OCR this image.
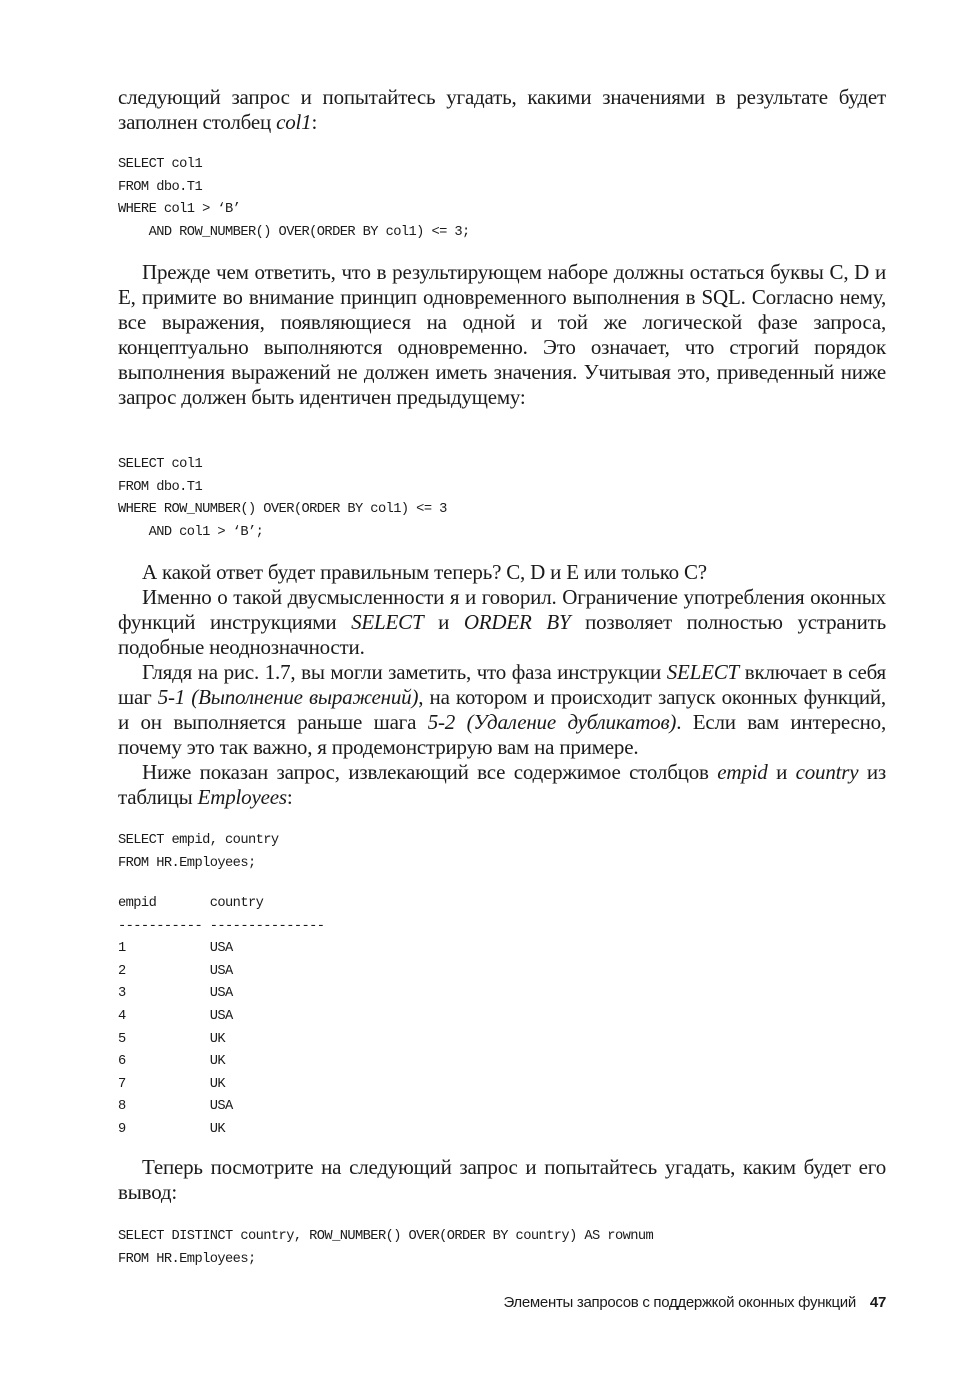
следующий запрос и попытайтесь угадать, какими значениями в результате будет заполнен столбец col1:
SELECT col1
FROM dbo.T1
WHERE col1 > ‘B’
AND ROW_NUMBER() OVER(ORDER BY col1) <= 3;
Прежде чем ответить, что в результирующем наборе должны остаться буквы C, D и E, примите во внимание принцип одновременного выполнения в SQL. Согласно нему, все выражения, появляющиеся на одной и той же логической фазе запроса, концептуально выполняются одновременно. Это означает, что строгий порядок выполнения выражений не должен иметь значения. Учитывая это, приведенный ниже запрос должен быть идентичен предыдущему:
SELECT col1
FROM dbo.T1
WHERE ROW_NUMBER() OVER(ORDER BY col1) <= 3
AND col1 > ‘B’;
А какой ответ будет правильным теперь? C, D и E или только C?
Именно о такой двусмысленности я и говорил. Ограничение употребления оконных функций инструкциями SELECT и ORDER BY позволяет полностью устранить подобные неоднозначности.
Глядя на рис. 1.7, вы могли заметить, что фаза инструкции SELECT включает в себя шаг 5-1 (Выполнение выражений), на котором и происходит запуск оконных функций, и он выполняется раньше шага 5-2 (Удаление дубликатов). Если вам интересно, почему это так важно, я продемонстрирую вам на примере.
Ниже показан запрос, извлекающий все содержимое столбцов empid и country из таблицы Employees:
SELECT empid, country
FROM HR.Employees;
empid       country
----------- ---------------
1           USA
2           USA
3           USA
4           USA
5           UK
6           UK
7           UK
8           USA
9           UK
Теперь посмотрите на следующий запрос и попытайтесь угадать, каким будет его вывод:
SELECT DISTINCT country, ROW_NUMBER() OVER(ORDER BY country) AS rownum
FROM HR.Employees;
Элементы запросов с поддержкой оконных функций 47
